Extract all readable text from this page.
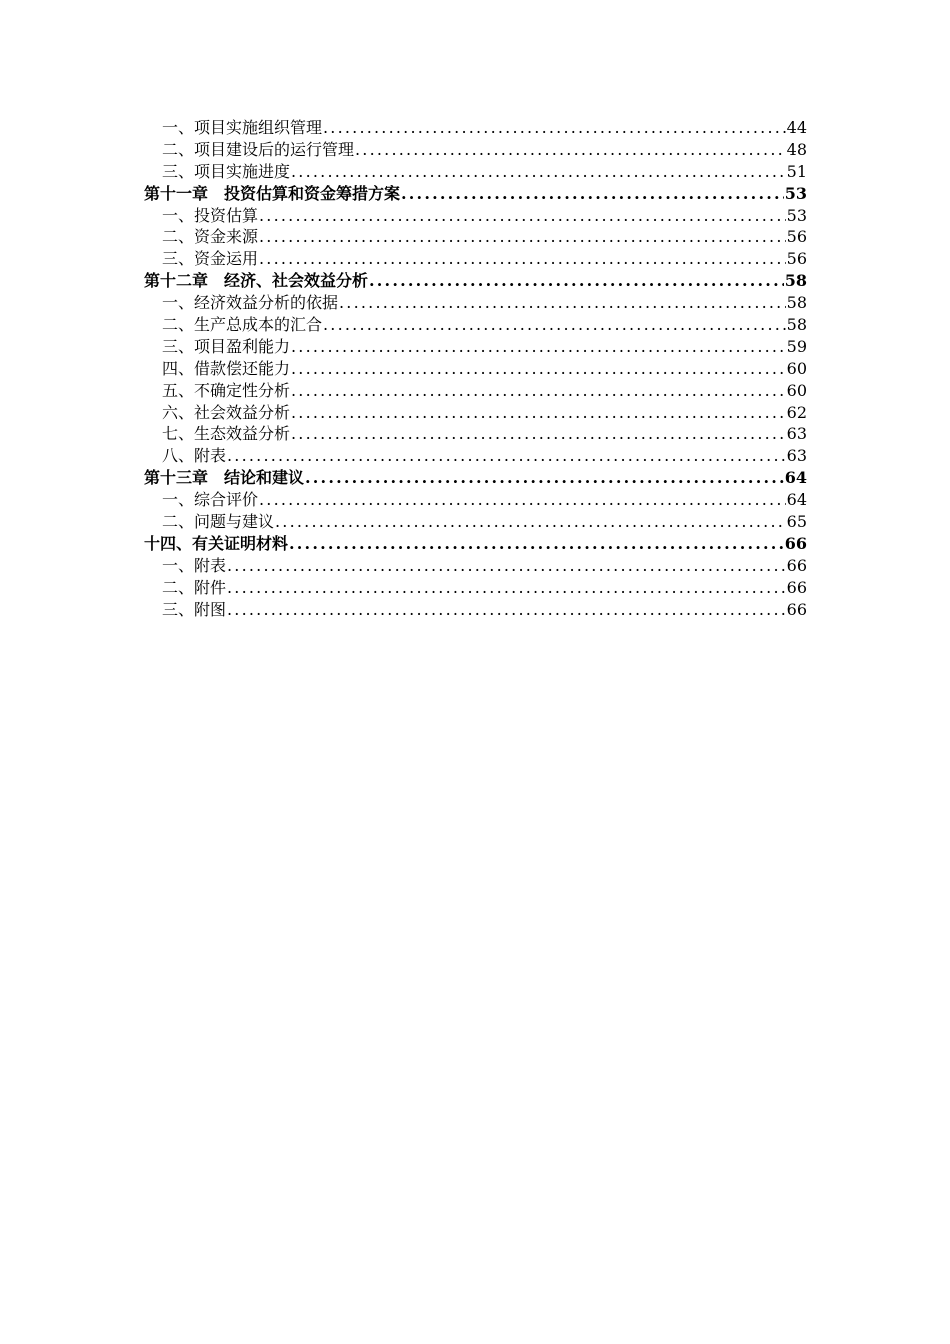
一、项目实施组织管理 .....	44
二、项目建设后的运行管理 .....	48
三、项目实施进度 .....	51
第十一章　投资估算和资金筹措方案 .....	53
一、投资估算 .....	53
二、资金来源 .....	56
三、资金运用 .....	56
第十二章　经济、社会效益分析 .....	58
一、经济效益分析的依据 .....	58
二、生产总成本的汇合 .....	58
三、项目盈利能力 .....	59
四、借款偿还能力 .....	60
五、不确定性分析 .....	60
六、社会效益分析 .....	62
七、生态效益分析 .....	63
八、附表 .....	63
第十三章　结论和建议 .....	64
一、综合评价 .....	64
二、问题与建议 .....	65
十四、有关证明材料 .....	66
一、附表 .....	66
二、附件 .....	66
三、附图 .....	66
